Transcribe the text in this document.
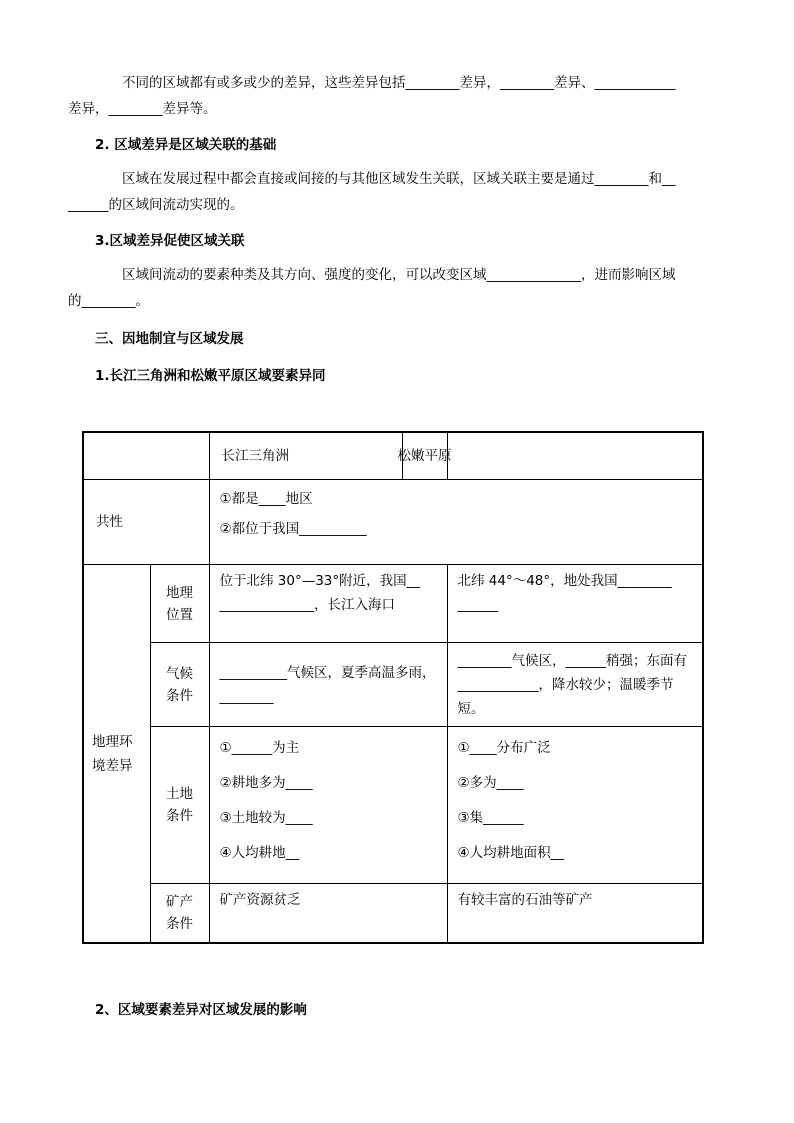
不同的区域都有或多或少的差异，这些差异包括________差异，________差异、____________
差异，________差异等。

2. 区域差异是区域关联的基础

区域在发展过程中都会直接或间接的与其他区域发生关联，区域关联主要是通过________和__
______的区域间流动实现的。

3.区域差异促使区域关联

区域间流动的要素种类及其方向、强度的变化，可以改变区域______________，进而影响区域
的________。

三、因地制宜与区域发展

1.长江三角洲和松嫩平原区域要素异同

长江三角洲	松嫩平原
共性		①都是____地区
②都位于我国__________	

地理环境差异	地理位置	位于北纬 30°—33°附近，我国__
______________，长江入海口	北纬 44°～48°，地处我国________
______

	气候条件	__________气候区，夏季高温多雨，
________	________气候区，______稍强；东面有
____________，降水较少；温暖季节短。

	土地条件	①______为主
②耕地多为____
③土地较为____
④人均耕地__	①____分布广泛
②多为____
③集______
④人均耕地面积__

	矿产条件	矿产资源贫乏	有较丰富的石油等矿产

2、区域要素差异对区域发展的影响
